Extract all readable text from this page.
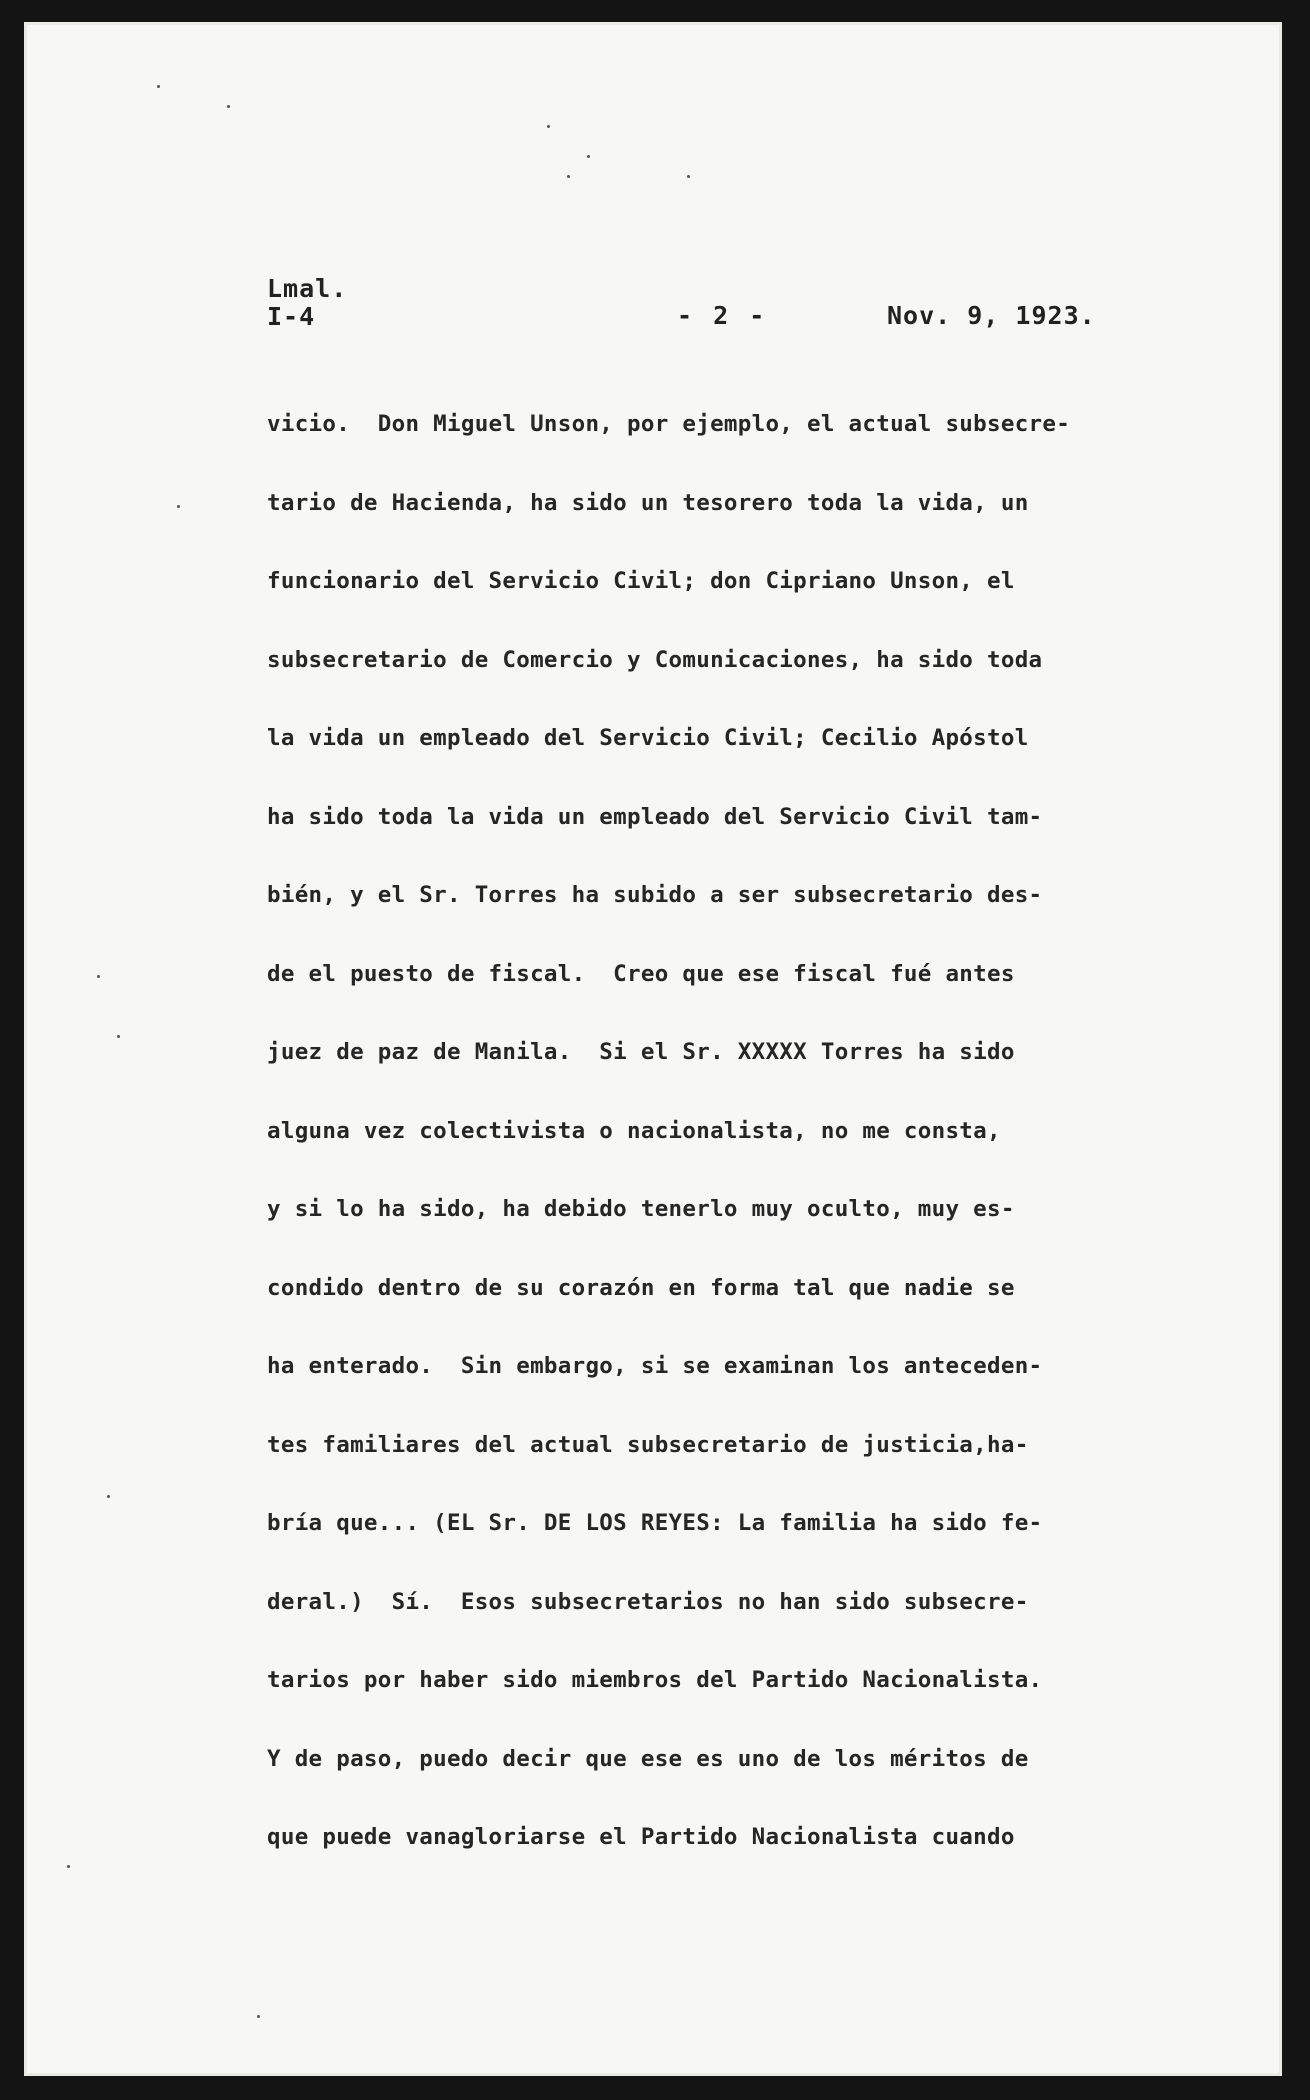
Lmal.
I-4	- 2 -	Nov. 9, 1923.
vicio.  Don Miguel Unson, por ejemplo, el actual subsecre-
tario de Hacienda, ha sido un tesorero toda la vida, un
funcionario del Servicio Civil; don Cipriano Unson, el
subsecretario de Comercio y Comunicaciones, ha sido toda
la vida un empleado del Servicio Civil; Cecilio Apóstol
ha sido toda la vida un empleado del Servicio Civil tam-
bién, y el Sr. Torres ha subido a ser subsecretario des-
de el puesto de fiscal.  Creo que ese fiscal fué antes
juez de paz de Manila.  Si el Sr. XXXXX Torres ha sido
alguna vez colectivista o nacionalista, no me consta,
y si lo ha sido, ha debido tenerlo muy oculto, muy es-
condido dentro de su corazón en forma tal que nadie se
ha enterado.  Sin embargo, si se examinan los anteceden-
tes familiares del actual subsecretario de justicia,ha-
bría que... (EL Sr. DE LOS REYES: La familia ha sido fe-
deral.)  Sí.  Esos subsecretarios no han sido subsecre-
tarios por haber sido miembros del Partido Nacionalista.
Y de paso, puedo decir que ese es uno de los méritos de
que puede vanagloriarse el Partido Nacionalista cuando
